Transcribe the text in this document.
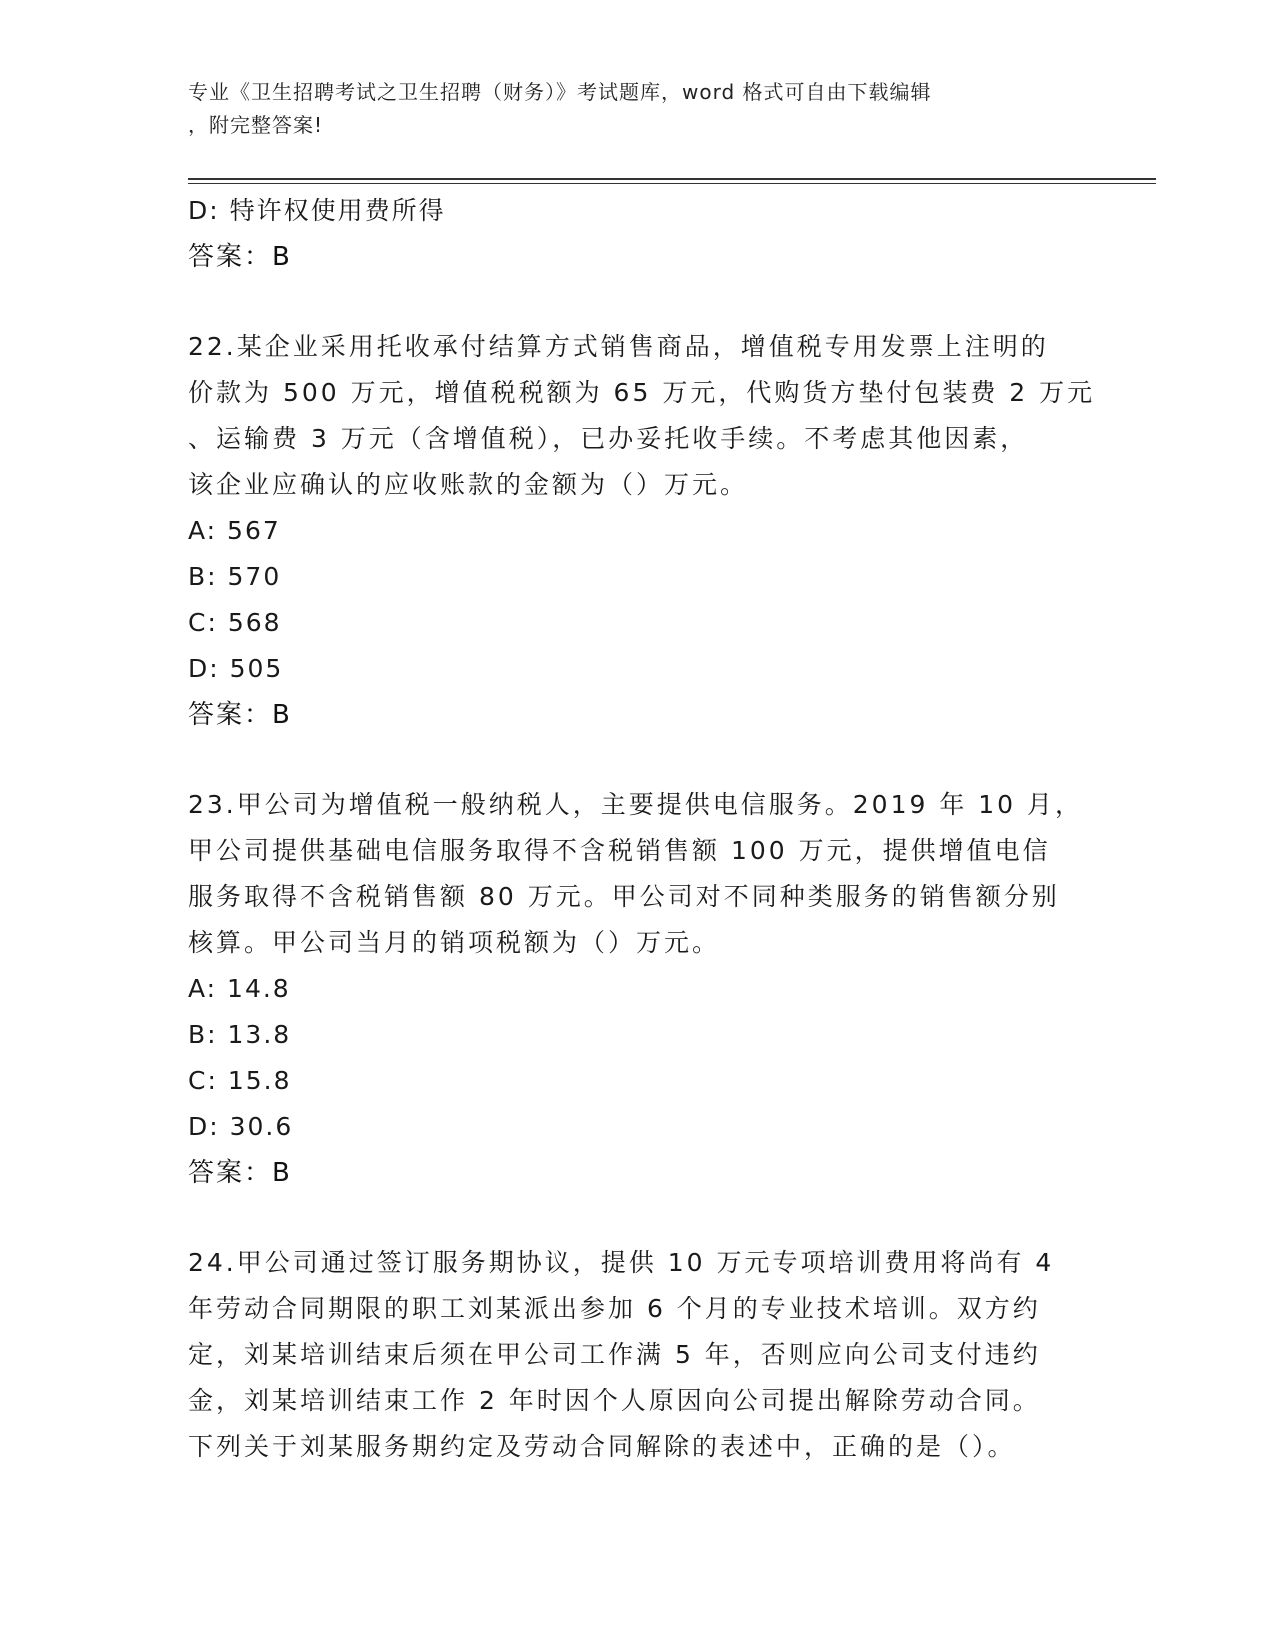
专业《卫生招聘考试之卫生招聘（财务）》考试题库，word 格式可自由下载编辑
，附完整答案!
D: 特许权使用费所得
答案：B
22.某企业采用托收承付结算方式销售商品，增值税专用发票上注明的
价款为 500 万元，增值税税额为 65 万元，代购货方垫付包装费 2 万元
、运输费 3 万元（含增值税），已办妥托收手续。不考虑其他因素，
该企业应确认的应收账款的金额为（）万元。
A: 567
B: 570
C: 568
D: 505
答案：B
23.甲公司为增值税一般纳税人，主要提供电信服务。2019 年 10 月，
甲公司提供基础电信服务取得不含税销售额 100 万元，提供增值电信
服务取得不含税销售额 80 万元。甲公司对不同种类服务的销售额分别
核算。甲公司当月的销项税额为（）万元。
A: 14.8
B: 13.8
C: 15.8
D: 30.6
答案：B
24.甲公司通过签订服务期协议，提供 10 万元专项培训费用将尚有 4
年劳动合同期限的职工刘某派出参加 6 个月的专业技术培训。双方约
定，刘某培训结束后须在甲公司工作满 5 年，否则应向公司支付违约
金，刘某培训结束工作 2 年时因个人原因向公司提出解除劳动合同。
下列关于刘某服务期约定及劳动合同解除的表述中，正确的是（）。
